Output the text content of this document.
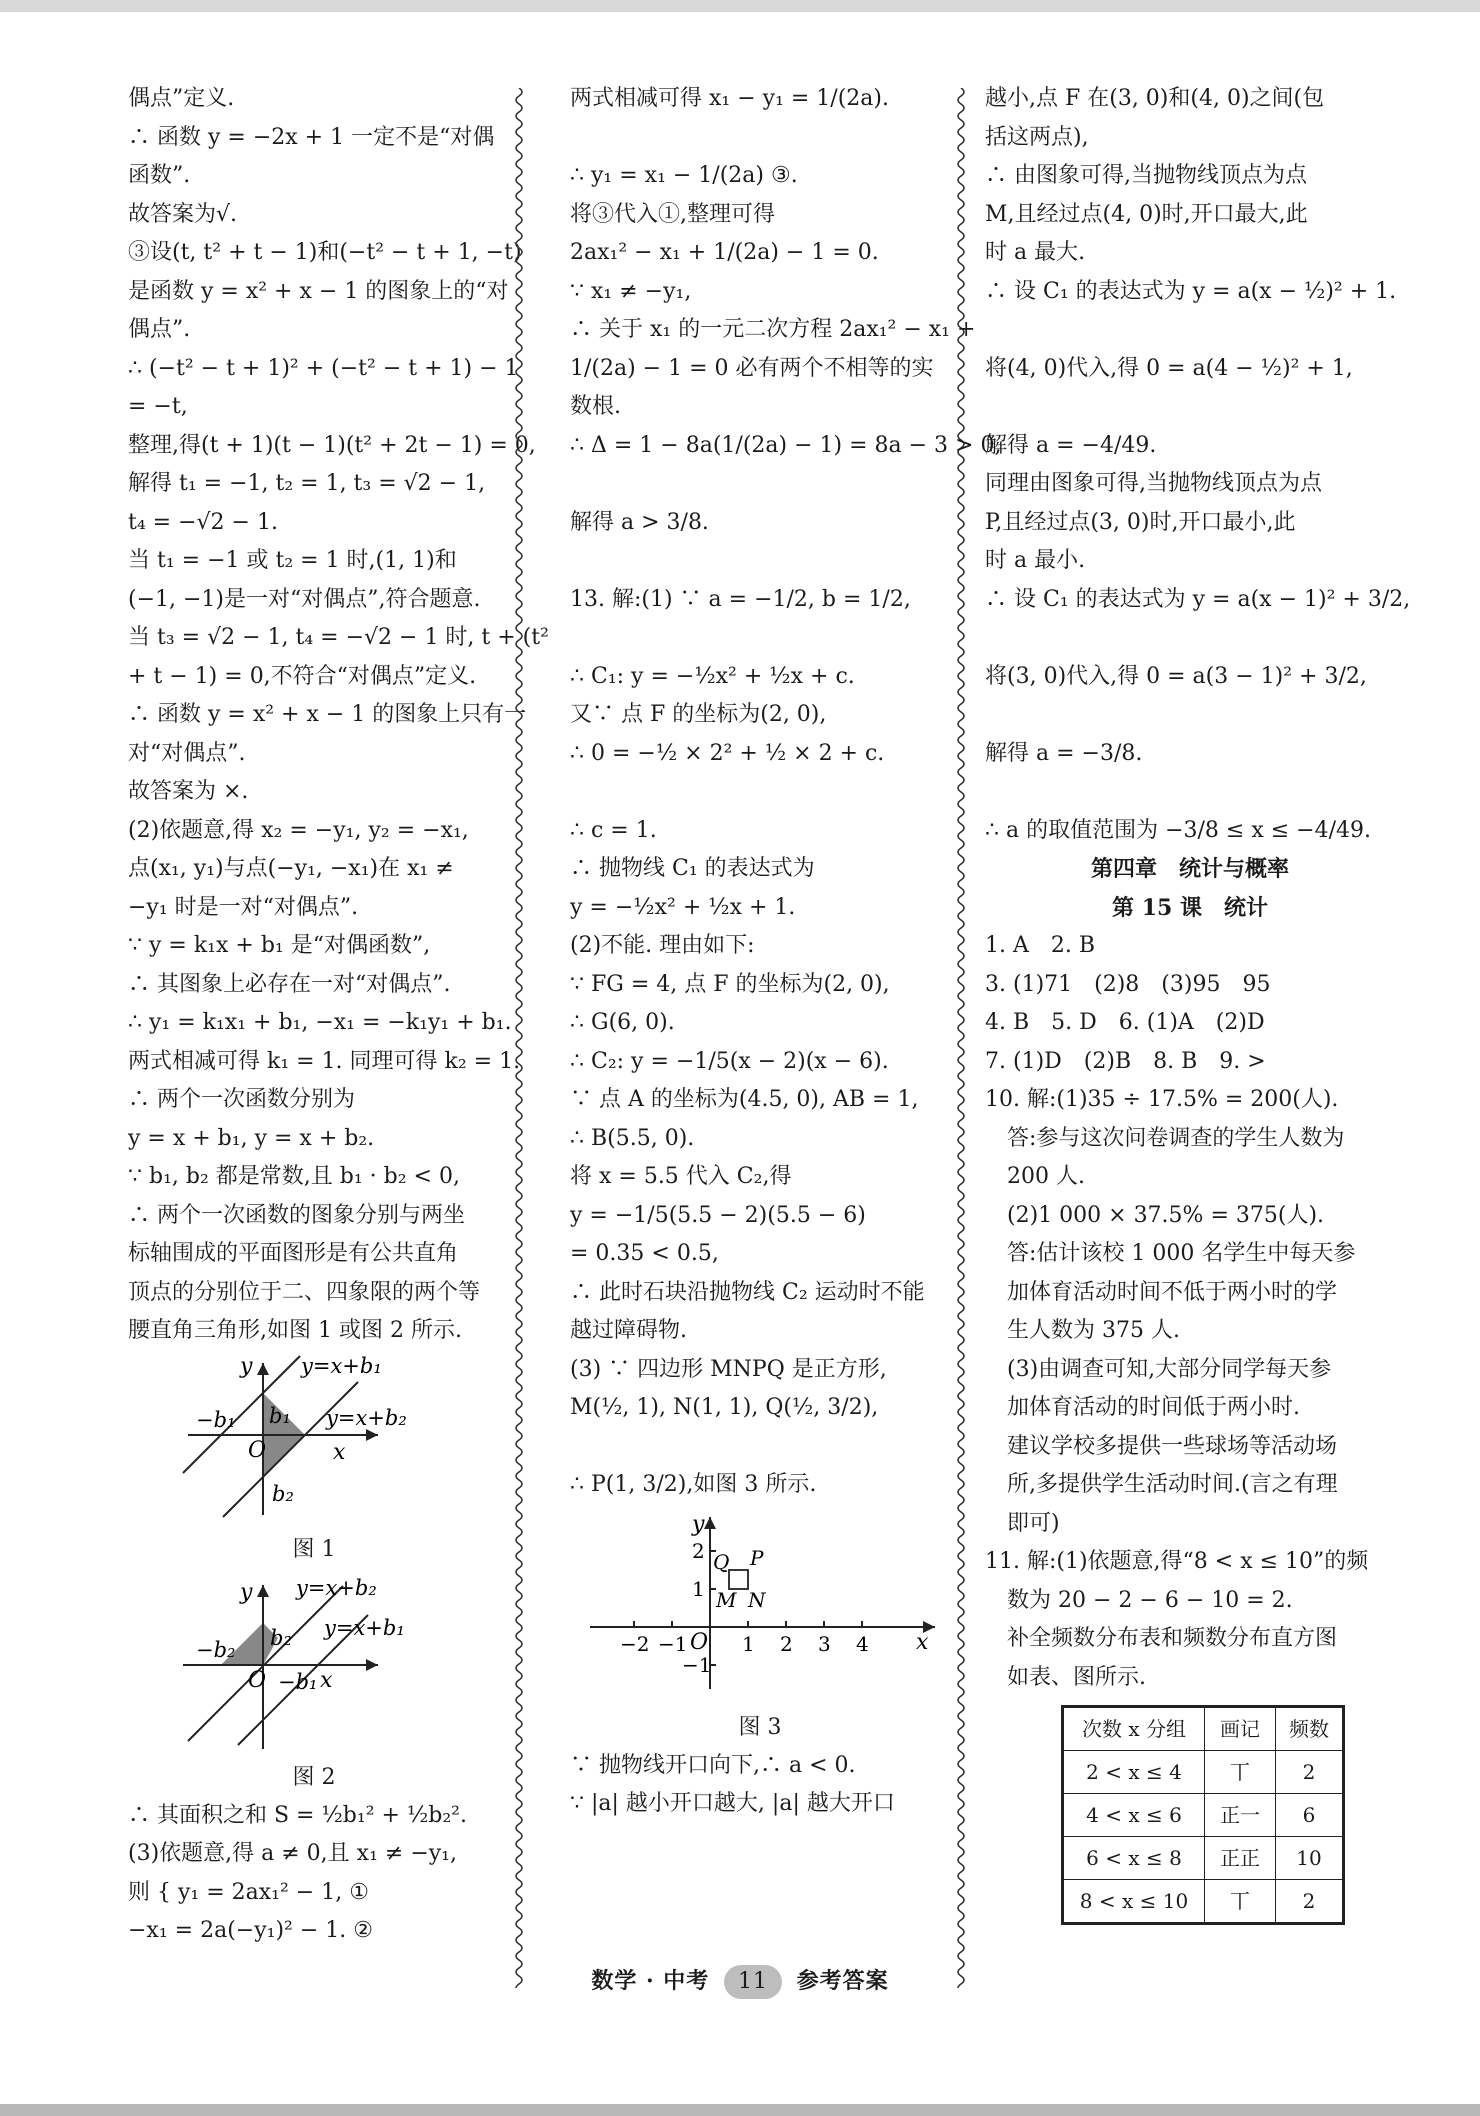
偶点”定义.
∴ 函数 y = −2x + 1 一定不是“对偶
函数”.
故答案为√.
③设(t, t² + t − 1)和(−t² − t + 1, −t)
是函数 y = x² + x − 1 的图象上的“对
偶点”.
∴ (−t² − t + 1)² + (−t² − t + 1) − 1
= −t,
整理,得(t + 1)(t − 1)(t² + 2t − 1) = 0,
解得 t₁ = −1, t₂ = 1, t₃ = √2 − 1,
t₄ = −√2 − 1.
当 t₁ = −1 或 t₂ = 1 时,(1, 1)和
(−1, −1)是一对“对偶点”,符合题意.
当 t₃ = √2 − 1, t₄ = −√2 − 1 时, t + (t²
+ t − 1) = 0,不符合“对偶点”定义.
∴ 函数 y = x² + x − 1 的图象上只有一
对“对偶点”.
故答案为 ×.
(2)依题意,得 x₂ = −y₁, y₂ = −x₁,
点(x₁, y₁)与点(−y₁, −x₁)在 x₁ ≠
−y₁ 时是一对“对偶点”.
∵ y = k₁x + b₁ 是“对偶函数”,
∴ 其图象上必存在一对“对偶点”.
∴ y₁ = k₁x₁ + b₁, −x₁ = −k₁y₁ + b₁.
两式相减可得 k₁ = 1. 同理可得 k₂ = 1.
∴ 两个一次函数分别为
y = x + b₁, y = x + b₂.
∵ b₁, b₂ 都是常数,且 b₁ · b₂ < 0,
∴ 两个一次函数的图象分别与两坐
标轴围成的平面图形是有公共直角
顶点的分别位于二、四象限的两个等
腰直角三角形,如图 1 或图 2 所示.
y y=x+b₁
y=x+b₂
−b₁ b₁
O	x
b₂
图 1
y y=x+b₂
y=x+b₁
−b₂ b₂
O −b₁ x
图 2
∴ 其面积之和 S = ½b₁² + ½b₂².
(3)依题意,得 a ≠ 0,且 x₁ ≠ −y₁,
则 { y₁ = 2ax₁² − 1, ①
−x₁ = 2a(−y₁)² − 1. ②
两式相减可得 x₁ − y₁ = 1/(2a).
∴ y₁ = x₁ − 1/(2a) ③.
将③代入①,整理可得
2ax₁² − x₁ + 1/(2a) − 1 = 0.
∵ x₁ ≠ −y₁,
∴ 关于 x₁ 的一元二次方程 2ax₁² − x₁ +
1/(2a) − 1 = 0 必有两个不相等的实
数根.
∴ Δ = 1 − 8a(1/(2a) − 1) = 8a − 3 > 0,
解得 a > 3/8.
13. 解:(1) ∵ a = −1/2, b = 1/2,
∴ C₁: y = −½x² + ½x + c.
又∵ 点 F 的坐标为(2, 0),
∴ 0 = −½ × 2² + ½ × 2 + c.
∴ c = 1.
∴ 抛物线 C₁ 的表达式为
y = −½x² + ½x + 1.
(2)不能. 理由如下:
∵ FG = 4, 点 F 的坐标为(2, 0),
∴ G(6, 0).
∴ C₂: y = −1/5(x − 2)(x − 6).
∵ 点 A 的坐标为(4.5, 0), AB = 1,
∴ B(5.5, 0).
将 x = 5.5 代入 C₂,得
y = −1/5(5.5 − 2)(5.5 − 6)
= 0.35 < 0.5,
∴ 此时石块沿抛物线 C₂ 运动时不能
越过障碍物.
(3) ∵ 四边形 MNPQ 是正方形,
M(½, 1), N(1, 1), Q(½, 3/2),
∴ P(1, 3/2),如图 3 所示.
y
x
O
2
1
−1
−2 −1	1 2 3 4
Q P
M N
图 3
∵ 抛物线开口向下,∴ a < 0.
∵ |a| 越小开口越大, |a| 越大开口
越小,点 F 在(3, 0)和(4, 0)之间(包
括这两点),
∴ 由图象可得,当抛物线顶点为点
M,且经过点(4, 0)时,开口最大,此
时 a 最大.
∴ 设 C₁ 的表达式为 y = a(x − ½)² + 1.
将(4, 0)代入,得 0 = a(4 − ½)² + 1,
解得 a = −4/49.
同理由图象可得,当抛物线顶点为点
P,且经过点(3, 0)时,开口最小,此
时 a 最小.
∴ 设 C₁ 的表达式为 y = a(x − 1)² + 3/2,
将(3, 0)代入,得 0 = a(3 − 1)² + 3/2,
解得 a = −3/8.
∴ a 的取值范围为 −3/8 ≤ x ≤ −4/49.
第四章　统计与概率
第 15 课　统计
1. A　2. B
3. (1)71　(2)8　(3)95　95
4. B　5. D　6. (1)A　(2)D
7. (1)D　(2)B　8. B　9. >
10. 解:(1)35 ÷ 17.5% = 200(人).
　答:参与这次问卷调查的学生人数为
　200 人.
　(2)1 000 × 37.5% = 375(人).
　答:估计该校 1 000 名学生中每天参
　加体育活动时间不低于两小时的学
　生人数为 375 人.
　(3)由调查可知,大部分同学每天参
　加体育活动的时间低于两小时.
　建议学校多提供一些球场等活动场
　所,多提供学生活动时间.(言之有理
　即可)
11. 解:(1)依题意,得“8 < x ≤ 10”的频
　数为 20 − 2 − 6 − 10 = 2.
　补全频数分布表和频数分布直方图
　如表、图所示.
次数 x 分组	画记	频数
2 < x ≤ 4	丅	2
4 < x ≤ 6	正一	6
6 < x ≤ 8	正正	10
8 < x ≤ 10	丅	2
数学 · 中考 11 参考答案
